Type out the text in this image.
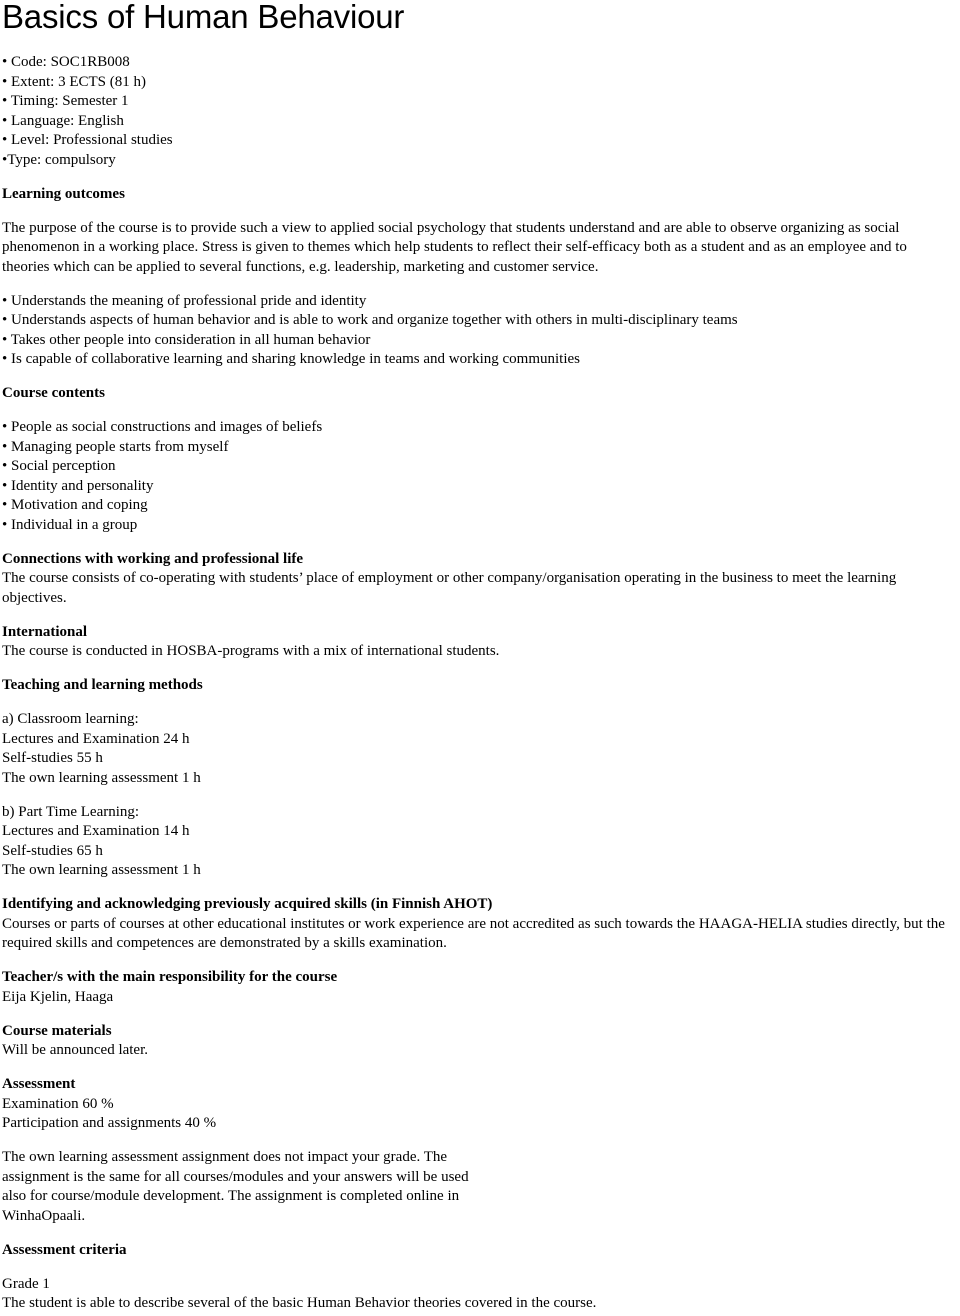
Basics of Human Behaviour

• Code: SOC1RB008

• Extent: 3 ECTS (81 h)

• Timing: Semester 1

• Language: English

• Level: Professional studies

•Type: compulsory

Learning outcomes

The purpose of the course is to provide such a view to applied social psychology that students understand and are able to observe organizing as social phenomenon in a working place. Stress is given to themes which help students to reflect their self-efficacy both as a student and as an employee and to theories which can be applied to several functions, e.g. leadership, marketing and customer service.

• Understands the meaning of professional pride and identity

• Understands aspects of human behavior and is able to work and organize together with others in multi-disciplinary teams

• Takes other people into consideration in all human behavior

• Is capable of collaborative learning and sharing knowledge in teams and working communities

Course contents

• People as social constructions and images of beliefs

• Managing people starts from myself

• Social perception

• Identity and personality

• Motivation and coping

• Individual in a group

Connections with working and professional life

The course consists of co-operating with students’ place of employment or other company/organisation operating in the business to meet the learning objectives.

International

The course is conducted in HOSBA-programs with a mix of international students.

Teaching and learning methods

a) Classroom learning:

Lectures and Examination 24 h

Self-studies 55 h

The own learning assessment 1 h

b) Part Time Learning:

Lectures and Examination 14 h

Self-studies 65 h

The own learning assessment 1 h

Identifying and acknowledging previously acquired skills (in Finnish AHOT)

Courses or parts of courses at other educational institutes or work experience are not accredited as such towards the HAAGA-HELIA studies directly, but the required skills and competences are demonstrated by a skills examination.

Teacher/s with the main responsibility for the course

Eija Kjelin, Haaga

Course materials

Will be announced later.

Assessment

Examination 60 %

Participation and assignments 40 %

The own learning assessment assignment does not impact your grade. The

assignment is the same for all courses/modules and your answers will be used

also for course/module development. The assignment is completed online in

WinhaOpaali.

Assessment criteria

Grade 1

The student is able to describe several of the basic Human Behavior theories covered in the course.
